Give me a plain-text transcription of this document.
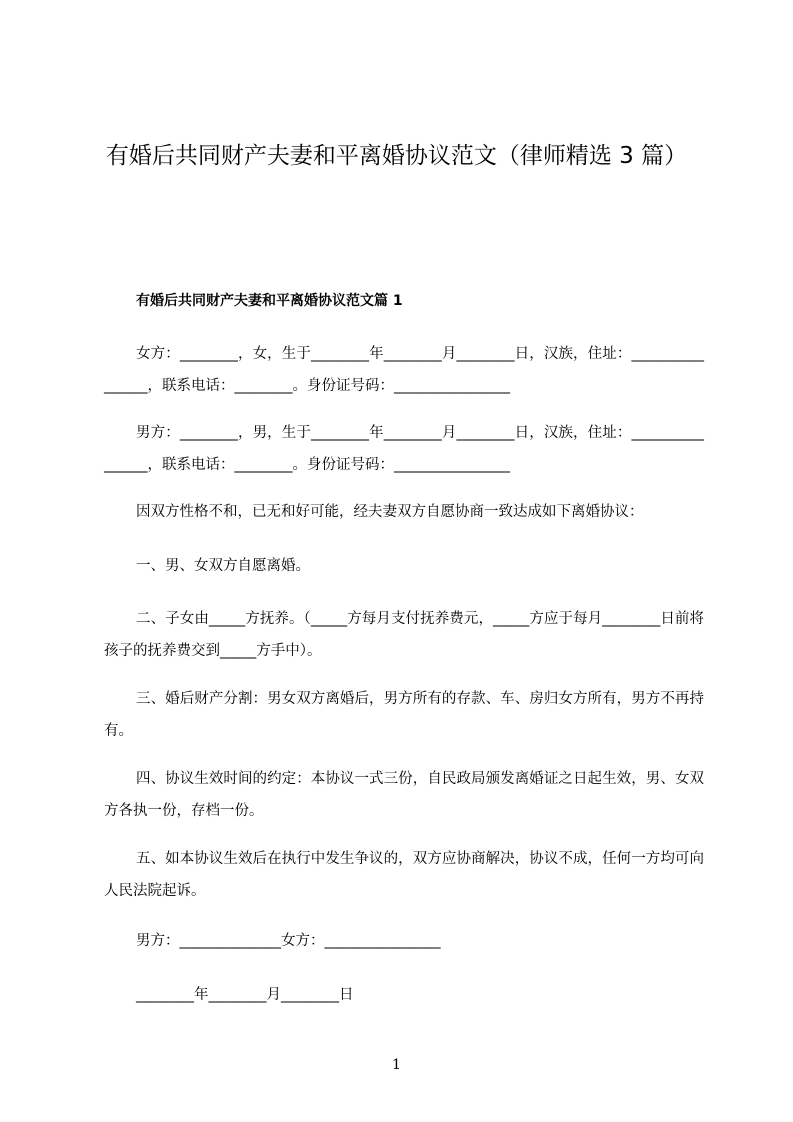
有婚后共同财产夫妻和平离婚协议范文（律师精选 3 篇）
有婚后共同财产夫妻和平离婚协议范文篇 1
女方：________，女，生于________年________月________日，汉族，住址：________________，联系电话：________。身份证号码：________________
男方：________，男，生于________年________月________日，汉族，住址：________________，联系电话：________。身份证号码：________________
因双方性格不和，已无和好可能，经夫妻双方自愿协商一致达成如下离婚协议：
一、男、女双方自愿离婚。
二、子女由_____方抚养。（_____方每月支付抚养费元，_____方应于每月________日前将孩子的抚养费交到_____方手中）。
三、婚后财产分割：男女双方离婚后，男方所有的存款、车、房归女方所有，男方不再持有。
四、协议生效时间的约定：本协议一式三份，自民政局颁发离婚证之日起生效，男、女双方各执一份，存档一份。
五、如本协议生效后在执行中发生争议的，双方应协商解决，协议不成，任何一方均可向人民法院起诉。
男方：______________女方：________________
________年________月________日
1
